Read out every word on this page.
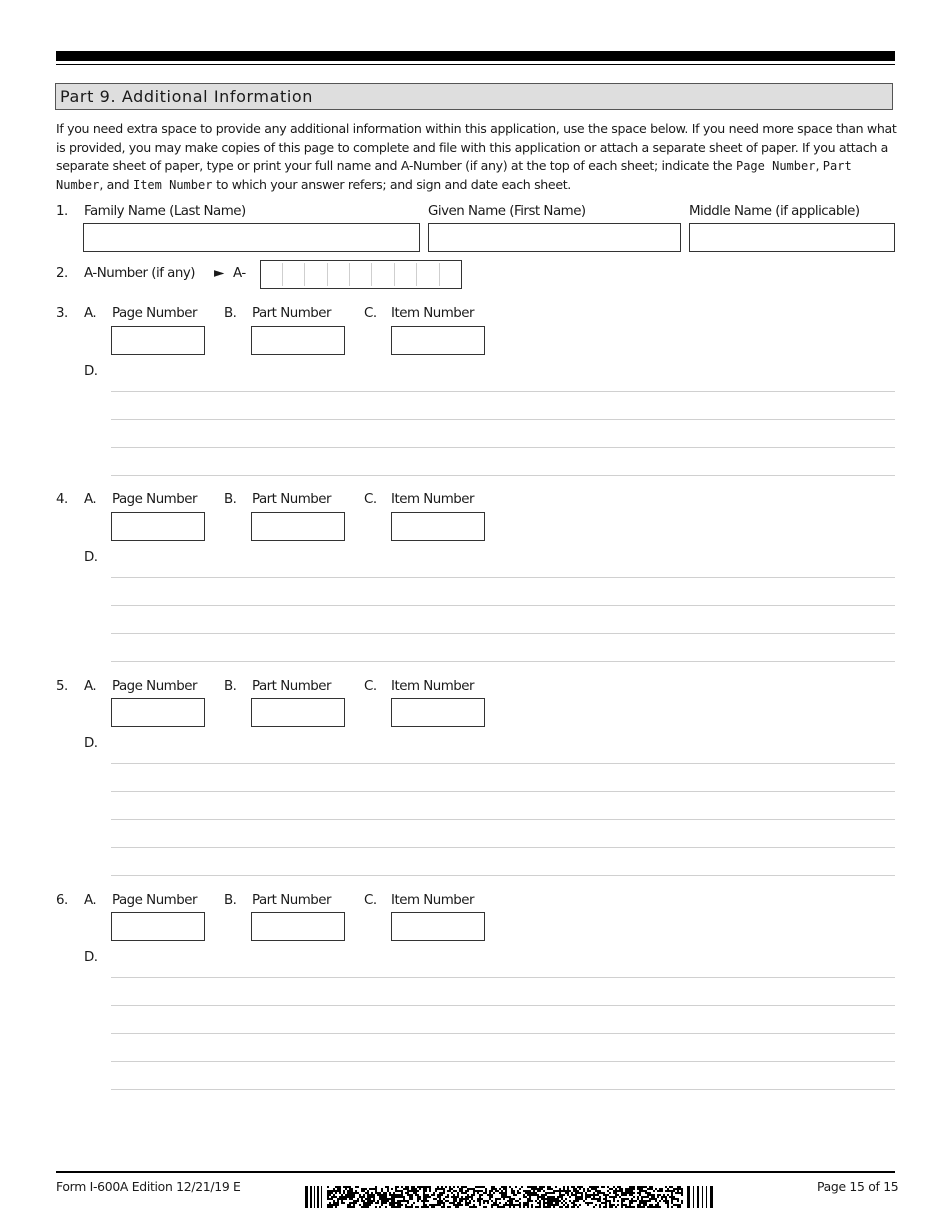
Part 9. Additional Information
If you need extra space to provide any additional information within this application, use the space below. If you need more space than what is provided, you may make copies of this page to complete and file with this application or attach a separate sheet of paper. If you attach a separate sheet of paper, type or print your full name and A-Number (if any) at the top of each sheet; indicate the Page Number, Part Number, and Item Number to which your answer refers; and sign and date each sheet.
1. Family Name (Last Name)	Given Name (First Name)	Middle Name (if applicable)
2. A-Number (if any) ► A-
3. A. Page Number B. Part Number C. Item Number
D.
4. A. Page Number B. Part Number C. Item Number
D.
5. A. Page Number B. Part Number C. Item Number
D.
6. A. Page Number B. Part Number C. Item Number
D.
Form I-600A Edition 12/21/19 E	Page 15 of 15
